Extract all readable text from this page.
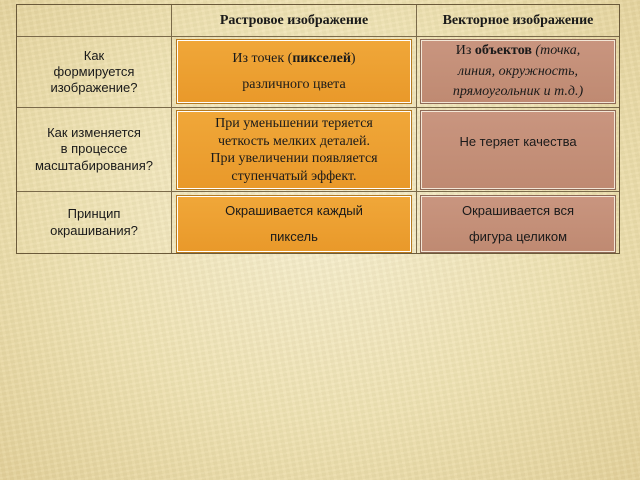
Растровое изображение	Векторное изображение
Как
формируется
изображение?
Из точек (пикселей)
различного цвета
Из объектов (точка,
линия, окружность,
прямоугольник и т.д.)
Как изменяется
в процессе
масштабирования?
При уменьшении теряется
четкость мелких деталей.
При увеличении появляется
ступенчатый эффект.
Не теряет качества
Принцип
окрашивания?
Окрашивается каждый
пиксель
Окрашивается вся
фигура целиком
